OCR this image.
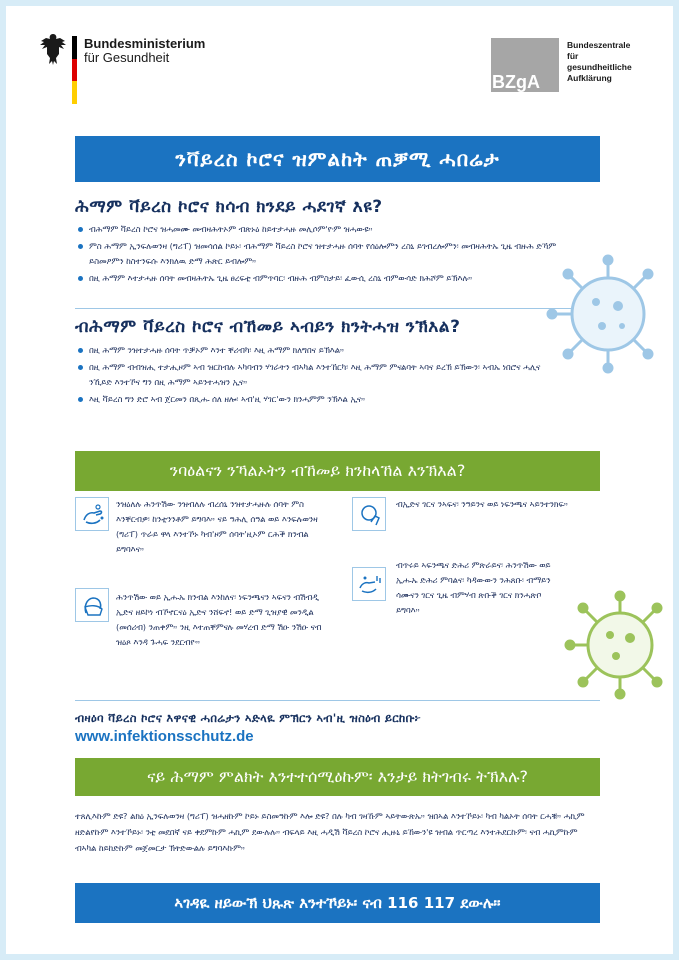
Bundesministerium
für Gesundheit
BZgA
Bundeszentrale
für
gesundheitliche
Aufklärung
ንቫይረስ ኮሮና ዝምልከት ጠቓሚ ሓበሬታ
ሕማም ቫይረስ ኮሮና ክሳብ ክንደይ ሓደገኛ እዩ?
ብሕማም ቫይረስ ኮሮና ዝሓመሙ መብዛሕትኦም ብጽኑዕ ከይተታሓዙ መሊሶም'ዮም ዝሓውዩ።
ምስ ሕማም ኢንፍሉወንዛ (ግሪፐ) ዝመሳሰል ኮይኑ፡ ብሕማም ቫይረስ ኮሮና ዝተታሓዙ ሰባት የሰዕሎምን ረስኒ ይገብረሎምን፡ መብዛሕትኡ ጊዜ ብዙሕ ድኻም ይስመዖምን ከስተንፍሱ እንክለዉ ድማ ሕጽር ይብሎም።
በዚ ሕማም እተታሓዙ ሰባት መብዛሕትኡ ጊዜ ፀረፍቲ ብምጥባር፡ ብዙሕ ብምስታይ፡ ፈውሲ ረስኒ ብምውሳድ ክሕሾም ይኽእሉ።
ብሕማም ቫይረስ ኮሮና ብኸመይ ኣብይን ክንትሓዝ ንኽእል?
በዚ ሕማም ንዝተታሓዙ ሰባት ጥቓኦም እንተ ቐሪብካ፡ እዚ ሕማም ክለግበና ይኽእል።
በዚ ሕማም ብብዝሒ ተታሒዞም ኣብ ዝርከብሉ ኣካባብን ሃገራትን ብኣካል እንተኸርካ፡ እዚ ሕማም ምናልባት ኣባና ይረኽ ይኽውን፡ ኣብኡ ነበሮና ሓሊና ንኺይድ እንተኾና ግን በዚ ሕማም ኣይንተሓዝን ኢና።
እዚ ቫይረስ ግን ድሮ ኣብ ጀርመን በጺሑ ሰለ ዘሎ፡ ኣብ'ዚ ሃገር'ውን ክንሓምም ንኽእል ኢና።
ንባዕልናን ንኻልኦትን ብኸመይ ክንከላኸል እንኽእል?
ንዝዕለሉ ሕንጥሽው ንዝብለሉ ብረሰኒ ንዝተታሓዙሉ ሰባት ምስ እንቐርብዎ፡ ከንቲንንቶም ይግባእ። ናይ ዓሕሊ ሰዓል ወይ እንፍሉወንዛ (ግሪፐ) ጥራይ ዋላ እንተኾኑ ካብ'ዞም ሰባት'ዚኦም ርሕቕ ክንብል ይግባእና።
ሕንጥሽው ወይ ኢሑኡ ክንብል እንከለና፡ ነፍንጫናን ኣፍናን ብሽብዲ ኢድና ዘይኮነ ብኾኖርናዕ ኢድና ንሸፍኖ! ወይ ድማ ጊዝያዊ መንዲል (መሰሪብ) ንጠቀም። ንዚ እተጠቐምናሉ መሃረብ ድማ ሽዑ ንሽዑ ናብ ዝዕጾ እንዳ ጉሓፍ ንደርብዮ።
ብኢድና ገርና ንኣፍና፡ ንዓይንና ወይ ነፍንጫና ኣይንተንክፍ።
ብጥሩይ ኣፍንጫና ድሕሪ ምጽራይና፡ ሕንጥሽው ወይ ኢሑኡ ድሕሪ ምባልና፡ ካዳውውን ንሕጸቡ፡ ብማይን ሳሙናን ገርና ጊዜ ብምሃብ ጽቡቕ ገርና ክንሓጽቦ ይግባእ።
ብዛዕባ ቫይረስ ኮሮና እዋናዊ ሓበሬታን ኣድላዪ ምኽርን ኣብ'ዚ ዝስዕብ ይርከቡ፦
www.infektionsschutz.de
ናይ ሕማም ምልክት እንተተሰሚዕኩም፡ እንታይ ክትገብሩ ትኽእሉ?
ተጸሊእኩም ድዩ? ልክዕ ኢንፍሉወንዛ (ግሪፐ) ዝሓዘኩም ኮይኑ ይስመዓኩም እሎ ድዩ? በሉ ካብ ገዛኹም ኣይትውጽኡ። ዝበኣል እንተኾይኑ፡ ካብ ካልኦት ሰባት ርሓቑ። ሓኪም ዘድልየኩም እንተኾይኑ፡ ንቲ መደበኛ ናይ ቀደምኩም ሓኪም ደውሉሉ። ብፍላይ እዚ ሓዲሽ ቫይረስ ኮሮና ሒዙኒ ይኸውን'ዩ ዝብል ጥርጣረ እንተሕደርኩም፡ ናብ ሓኪምኩም ብኣካል ከይከድኩም መጀመርታ ኽትድውልሉ ይግባእኩም።
ኣገዳዪ ዘይውኽ ህጹጽ እንተኾይኑ፡ ናብ 116 117 ደውሉ።
